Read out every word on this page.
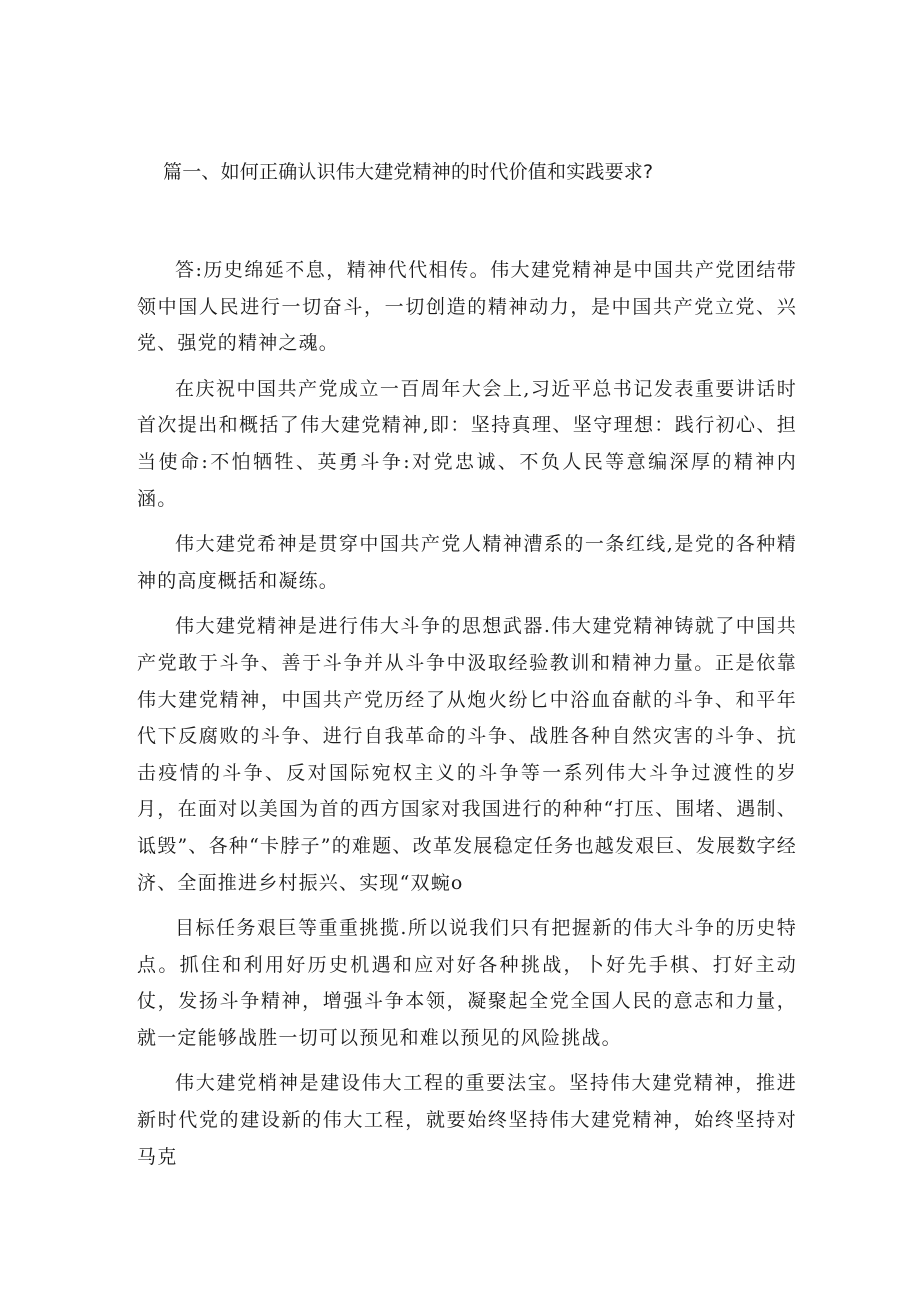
篇一、如何正确认识伟大建党精神的时代价值和实践要求?

答:历史绵延不息，精神代代相传。伟大建党精神是中国共产党团结带领中国人民进行一切奋斗，一切创造的精神动力，是中国共产党立党、兴党、强党的精神之魂。

在庆祝中国共产党成立一百周年大会上,习近平总书记发表重要讲话时首次提出和概括了伟大建党精神,即：坚持真理、坚守理想：践行初心、担当使命:不怕牺牲、英勇斗争:对党忠诚、不负人民等意编深厚的精神内涵。

伟大建党希神是贯穿中国共产党人精神漕系的一条红线,是党的各种精神的高度概括和凝练。

伟大建党精神是进行伟大斗争的思想武器.伟大建党精神铸就了中国共产党敢于斗争、善于斗争并从斗争中汲取经验教训和精神力量。正是依靠伟大建党精神，中国共产党历经了从炮火纷匕中浴血奋献的斗争、和平年代下反腐败的斗争、进行自我革命的斗争、战胜各种自然灾害的斗争、抗击疫情的斗争、反对国际宛权主义的斗争等一系列伟大斗争过渡性的岁月，在面对以美国为首的西方国家对我国进行的种种“打压、围堵、遇制、诋毁”、各种“卡脖子”的难题、改革发展稳定任务也越发艰巨、发展数字经济、全面推进乡村振兴、实现“双蜿o

目标任务艰巨等重重挑揽.所以说我们只有把握新的伟大斗争的历史特点。抓住和利用好历史机遇和应对好各种挑战，卜好先手棋、打好主动仗，发扬斗争精神，增强斗争本领，凝聚起全党全国人民的意志和力量，就一定能够战胜一切可以预见和难以预见的风险挑战。

伟大建党梢神是建设伟大工程的重要法宝。坚持伟大建党精神，推进新时代党的建设新的伟大工程，就要始终坚持伟大建党精神，始终坚持对马克
